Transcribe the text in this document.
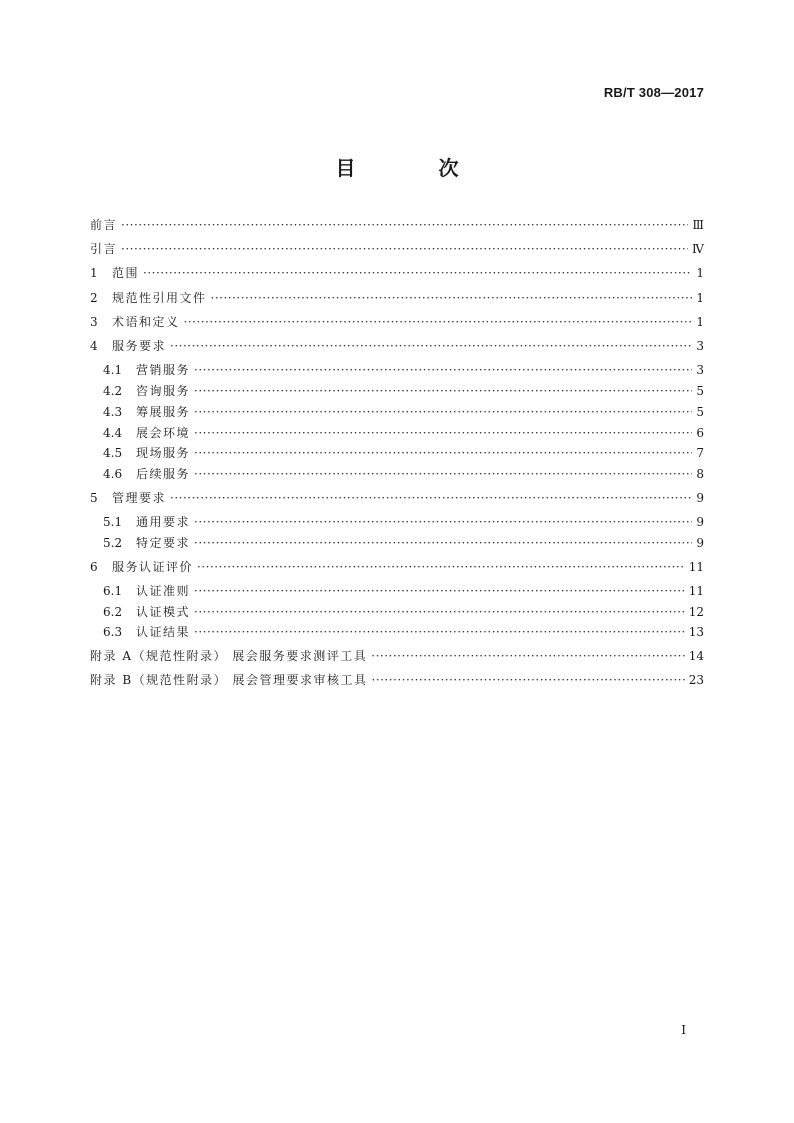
RB/T 308—2017
目 次
前言 ·····	Ⅲ
引言 ·····	Ⅳ
1	范围 ·····	1
2	规范性引用文件 ·····	1
3	术语和定义 ·····	1
4	服务要求 ·····	3
4.1	营销服务 ·····	3
4.2	咨询服务 ·····	5
4.3	筹展服务 ·····	5
4.4	展会环境 ·····	6
4.5	现场服务 ·····	7
4.6	后续服务 ·····	8
5	管理要求 ·····	9
5.1	通用要求 ·····	9
5.2	特定要求 ·····	9
6	服务认证评价 ·····	11
6.1	认证准则 ·····	11
6.2	认证模式 ·····	12
6.3	认证结果 ·····	13
附录 A（规范性附录） 展会服务要求测评工具 ·····	14
附录 B（规范性附录） 展会管理要求审核工具 ·····	23
I
